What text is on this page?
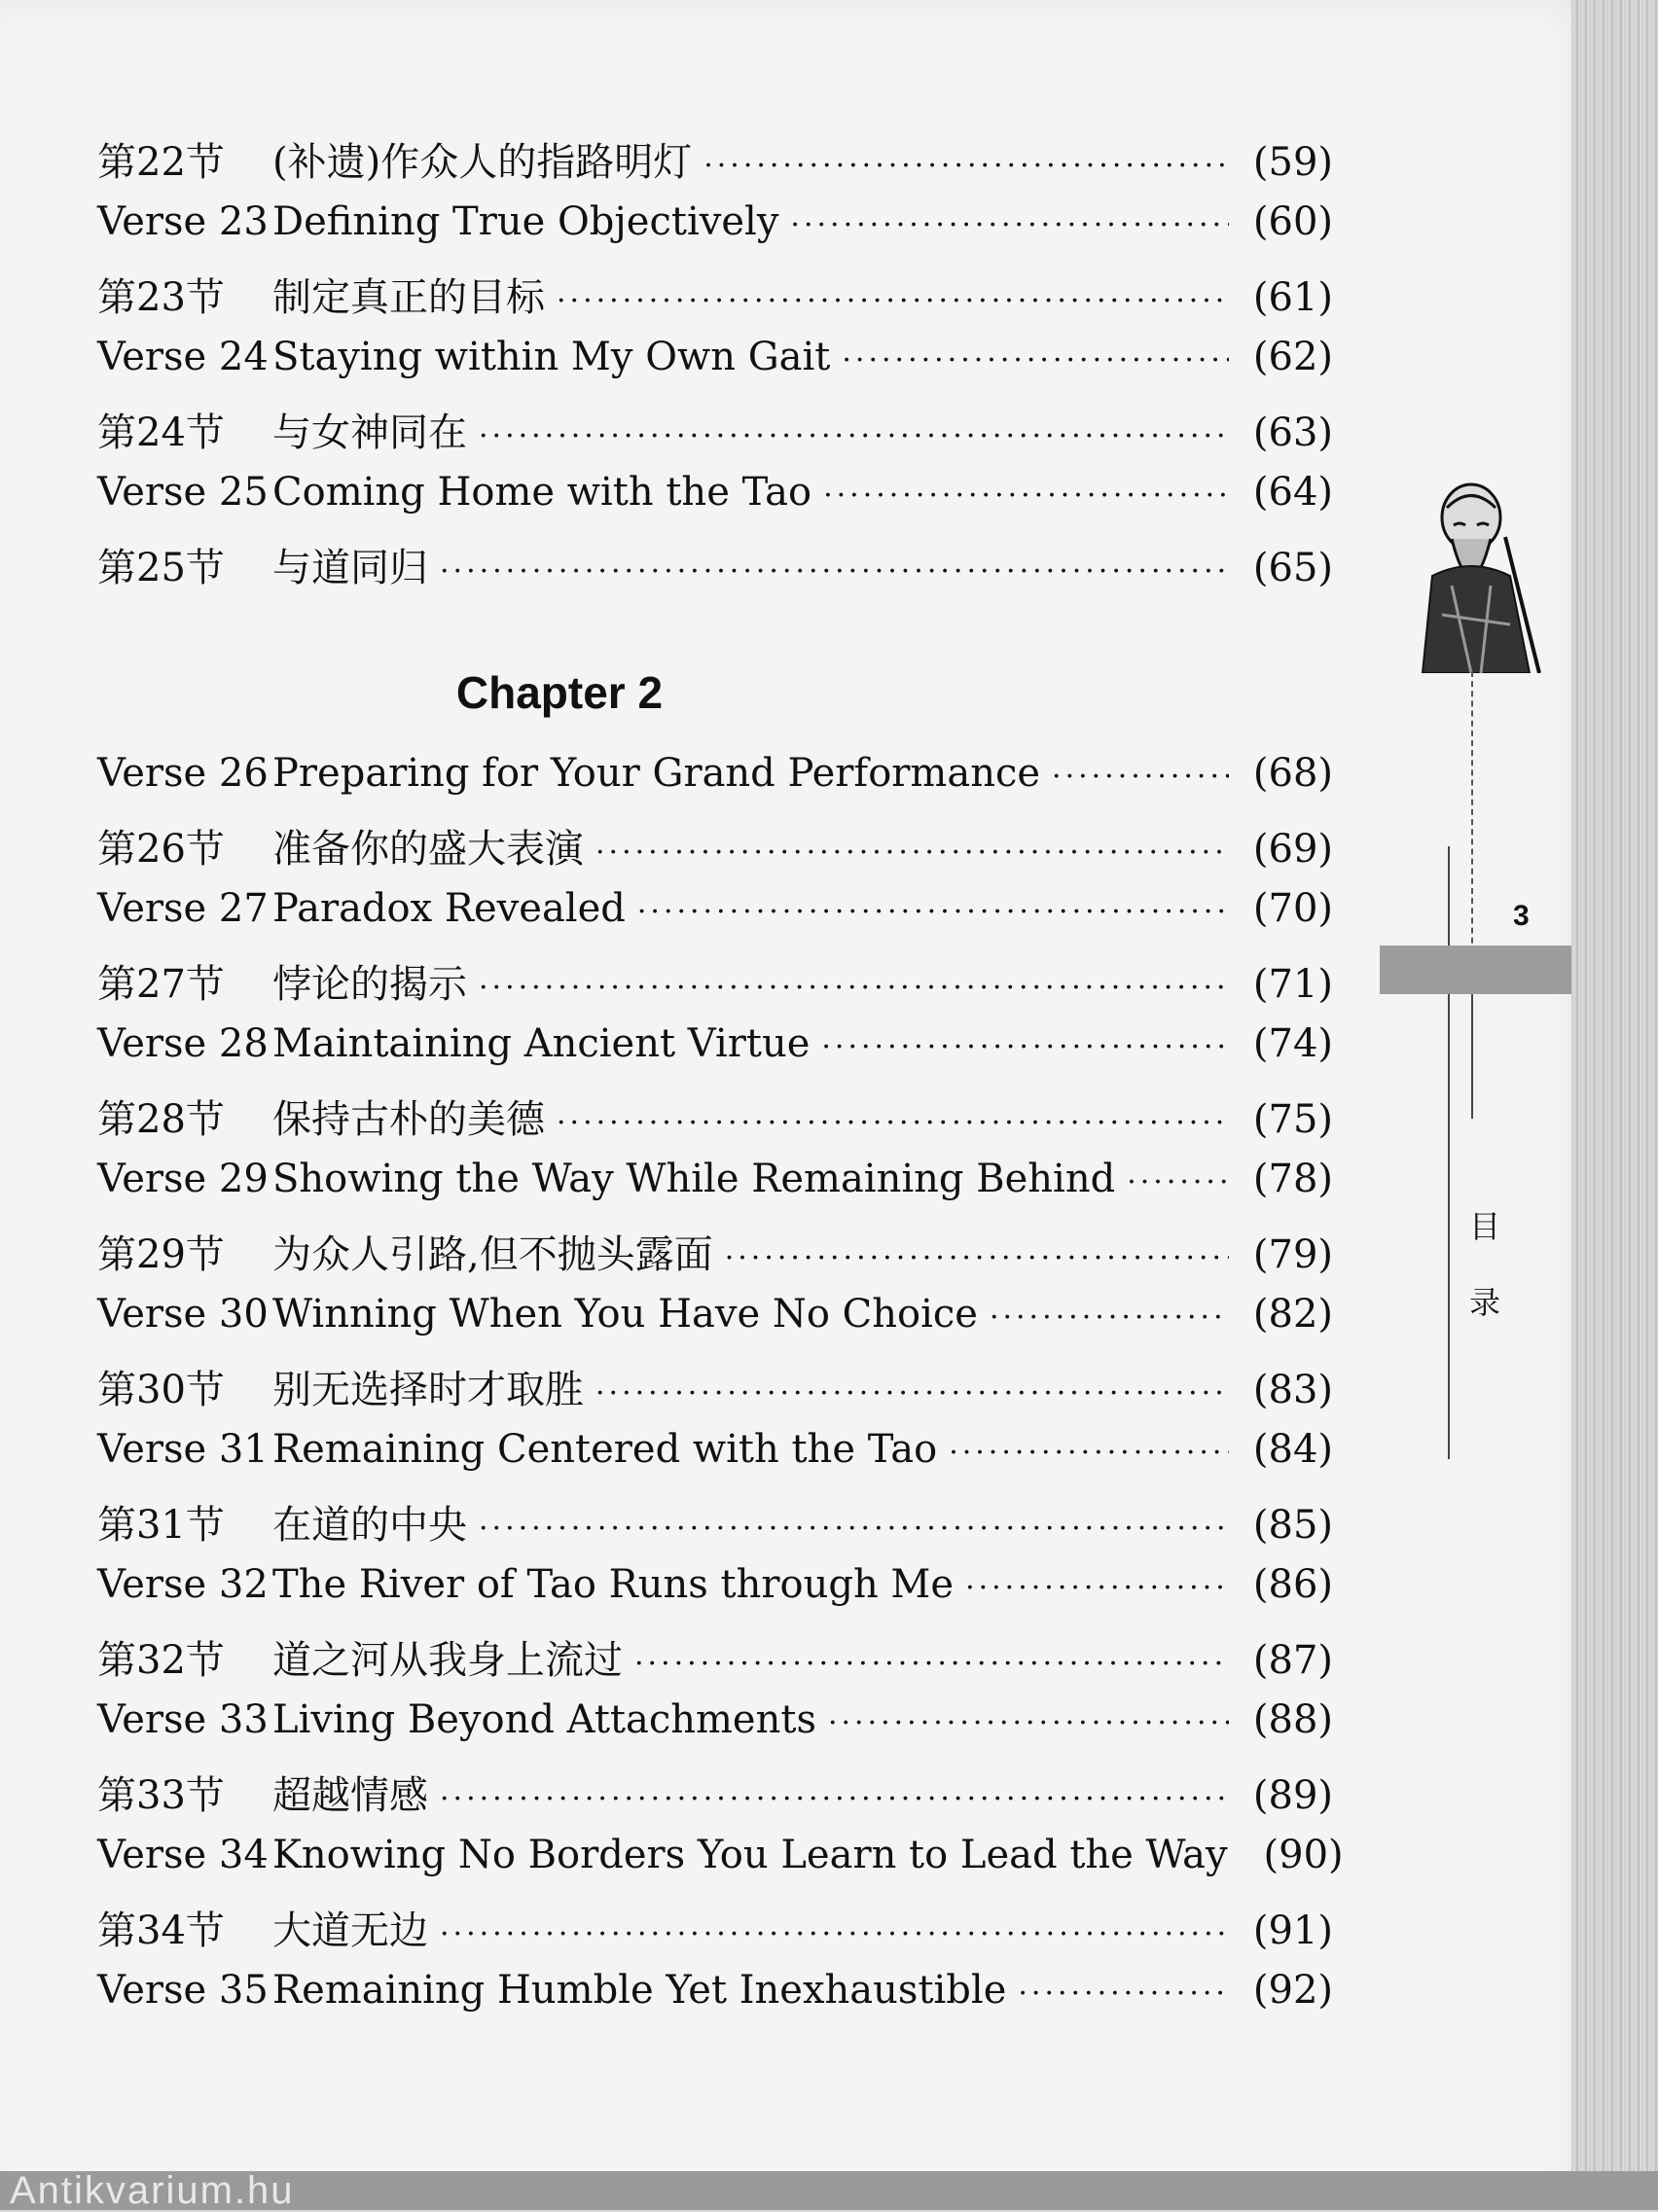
第22节	(补遗)作众人的指路明灯 ·····	(59)
Verse 23 Defining True Objectively ·····	(60)
第23节	制定真正的目标 ·····	(61)
Verse 24 Staying within My Own Gait ·····	(62)
第24节	与女神同在 ·····	(63)
Verse 25 Coming Home with the Tao ·····	(64)
第25节	与道同归 ·····	(65)
Chapter 2
Verse 26 Preparing for Your Grand Performance ·····	(68)
第26节	准备你的盛大表演 ·····	(69)
Verse 27 Paradox Revealed ·····	(70)
第27节	悖论的揭示 ·····	(71)
Verse 28 Maintaining Ancient Virtue ·····	(74)
第28节	保持古朴的美德 ·····	(75)
Verse 29 Showing the Way While Remaining Behind ·····	(78)
第29节	为众人引路,但不抛头露面 ·····	(79)
Verse 30 Winning When You Have No Choice ·····	(82)
第30节	别无选择时才取胜 ·····	(83)
Verse 31 Remaining Centered with the Tao ·····	(84)
第31节	在道的中央 ·····	(85)
Verse 32 The River of Tao Runs through Me ·····	(86)
第32节	道之河从我身上流过 ·····	(87)
Verse 33 Living Beyond Attachments ·····	(88)
第33节	超越情感 ·····	(89)
Verse 34 Knowing No Borders You Learn to Lead the Way (90)
第34节	大道无边 ·····	(91)
Verse 35 Remaining Humble Yet Inexhaustible ·····	(92)
3
目
录
Antikvarium.hu
